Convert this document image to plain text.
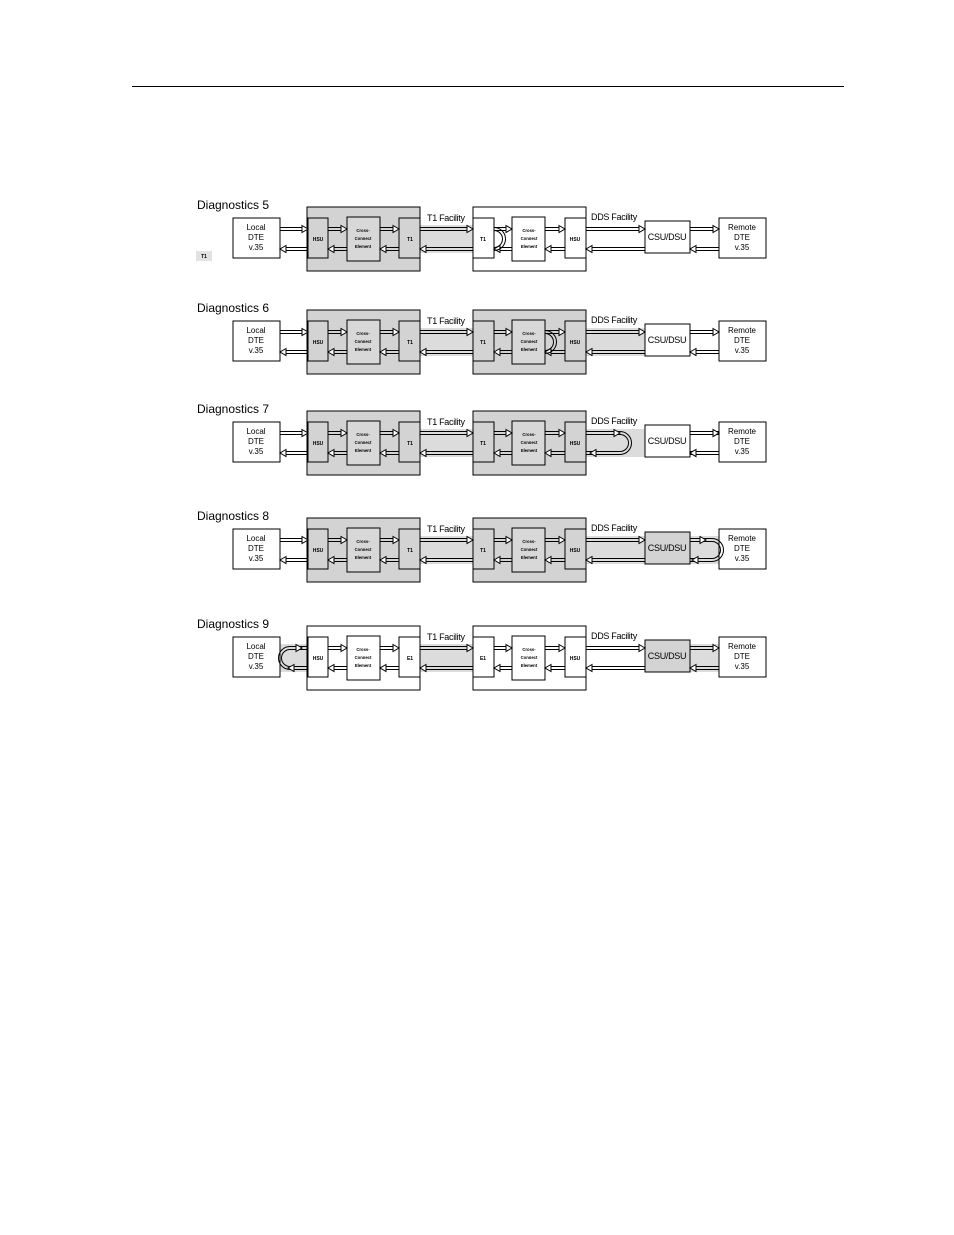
Diagnostics 5
T1 Facility	DDS Facility
Local
DTE
v.35
Remote
DTE
v.35
HSU
Cross-
Connect
Element
T1	T1
Cross-
Connect
Element
HSU	CSU/DSU
T1
Diagnostics 6
T1 Facility	DDS Facility
Local
DTE
v.35
Remote
DTE
v.35
HSU
Cross-
Connect
Element
T1	T1
Cross-
Connect
Element
HSU	CSU/DSU
Diagnostics 7
T1 Facility	DDS Facility
Local
DTE
v.35
Remote
DTE
v.35
HSU
Cross-
Connect
Element
T1	T1
Cross-
Connect
Element
HSU	CSU/DSU
Diagnostics 8
T1 Facility	DDS Facility
Local
DTE
v.35
Remote
DTE
v.35
HSU
Cross-
Connect
Element
T1	T1
Cross-
Connect
Element
HSU	CSU/DSU
Diagnostics 9
T1 Facility	DDS Facility
Local
DTE
v.35
Remote
DTE
v.35
HSU
Cross-
Connect
Element
E1	E1
Cross-
Connect
Element
HSU	CSU/DSU
